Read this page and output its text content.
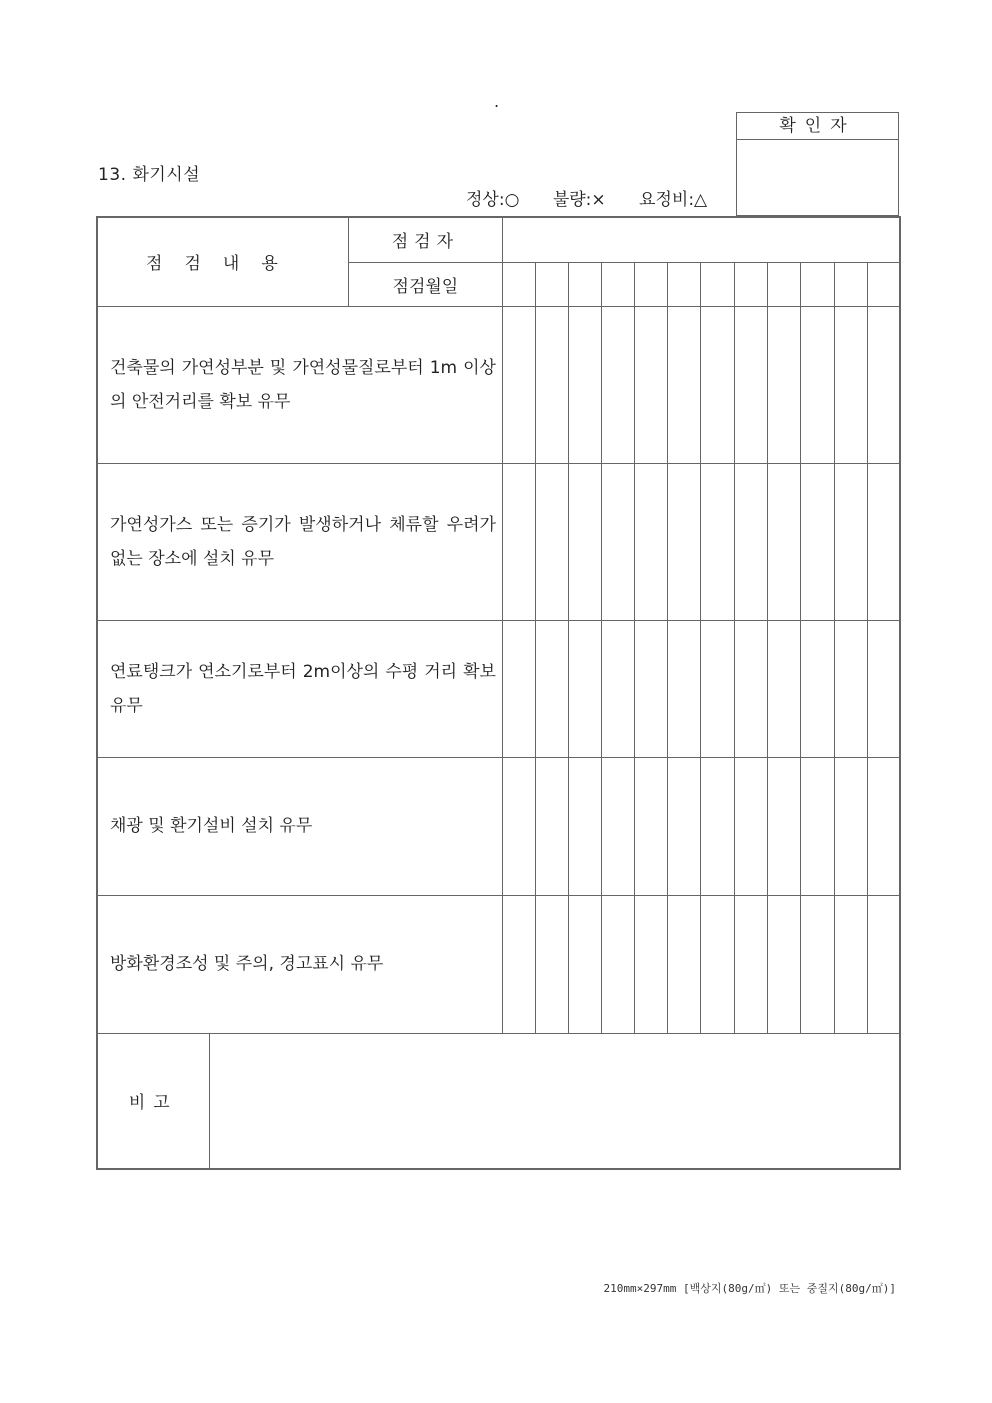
.
13. 화기시설
정상:○ 불량:× 요정비:△
확인자
점검내용		점검자												
		점검월일												
건축물의 가연성부분 및 가연성물질로부터 1m 이상의 안전거리를 확보 유무														
가연성가스 또는 증기가 발생하거나 체류할 우려가 없는 장소에 설치 유무														
연료탱크가 연소기로부터 2m이상의 수평 거리 확보 유무														
채광 및 환기설비 설치 유무														
방화환경조성 및 주의, 경고표시 유무														
비고														
210mm×297mm [백상지(80g/㎡) 또는 중질지(80g/㎡)]
